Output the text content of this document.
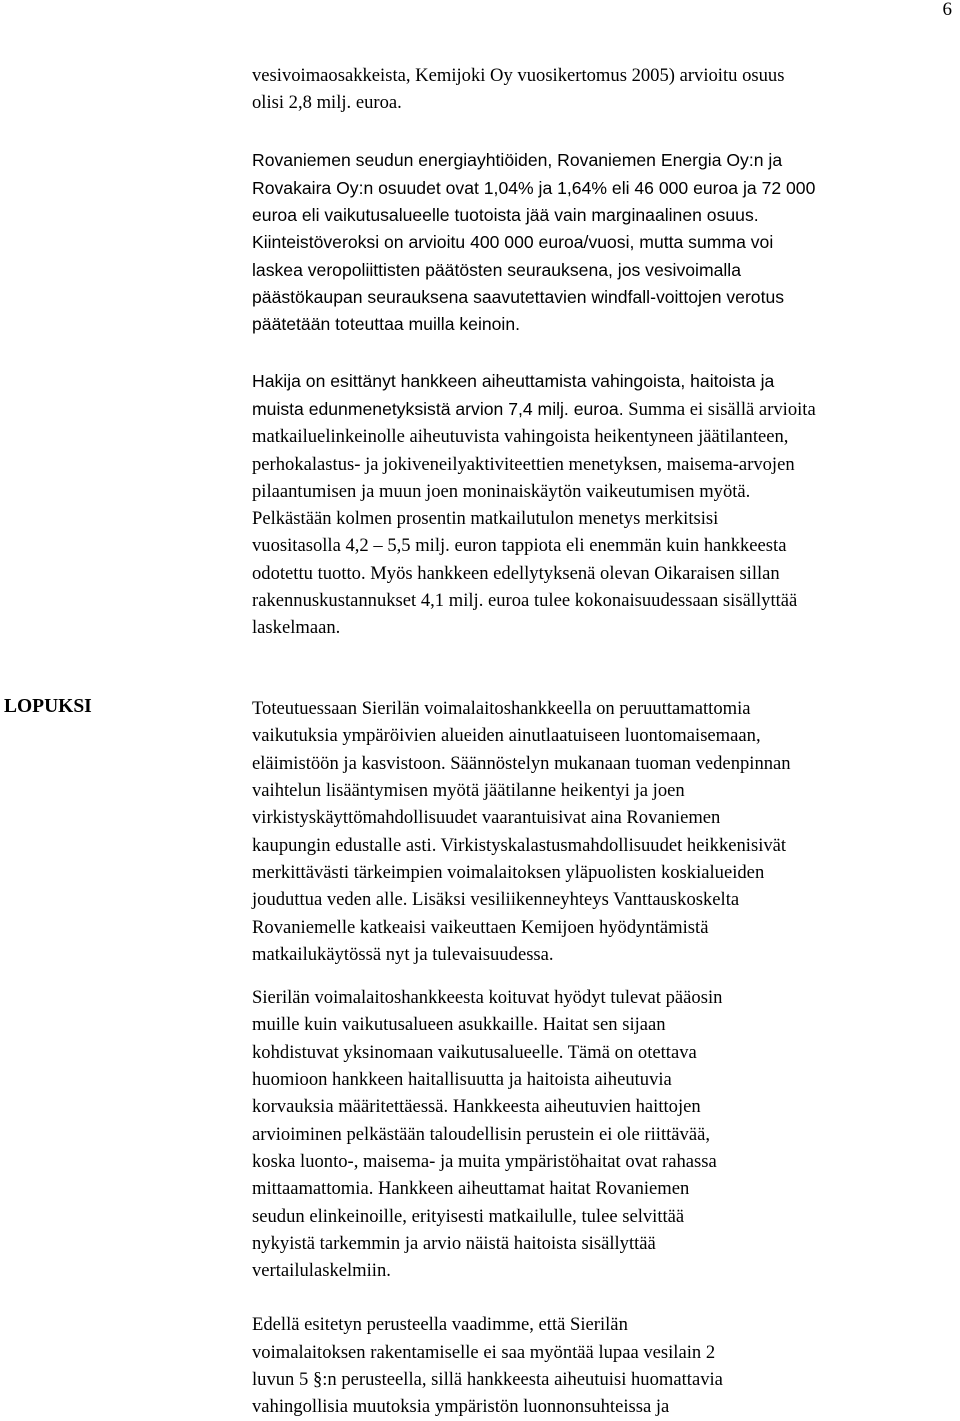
6
LOPUKSI
vesivoimaosakkeista, Kemijoki Oy vuosikertomus 2005) arvioitu osuus
olisi 2,8 milj. euroa.
Rovaniemen seudun energiayhtiöiden, Rovaniemen Energia Oy:n ja
Rovakaira Oy:n osuudet ovat 1,04% ja 1,64% eli 46 000 euroa ja 72 000
euroa eli vaikutusalueelle tuotoista jää vain marginaalinen osuus.
Kiinteistöveroksi on arvioitu 400 000 euroa/vuosi, mutta summa voi
laskea veropoliittisten päätösten seurauksena, jos vesivoimalla
päästökaupan seurauksena saavutettavien windfall-voittojen verotus
päätetään toteuttaa muilla keinoin.
Hakija on esittänyt hankkeen aiheuttamista vahingoista, haitoista ja
muista edunmenetyksistä arvion 7,4 milj. euroa. Summa ei sisällä arvioita
matkailuelinkeinolle aiheutuvista vahingoista heikentyneen jäätilanteen,
perhokalastus- ja jokiveneilyaktiviteettien menetyksen, maisema-arvojen
pilaantumisen ja muun joen moninaiskäytön vaikeutumisen myötä.
Pelkästään kolmen prosentin matkailutulon menetys merkitsisi
vuositasolla 4,2 – 5,5 milj. euron tappiota eli enemmän kuin hankkeesta
odotettu tuotto. Myös hankkeen edellytyksenä olevan Oikaraisen sillan
rakennuskustannukset 4,1 milj. euroa tulee kokonaisuudessaan sisällyttää
laskelmaan.
Toteutuessaan Sierilän voimalaitoshankkeella on peruuttamattomia
vaikutuksia ympäröivien alueiden ainutlaatuiseen luontomaisemaan,
eläimistöön ja kasvistoon. Säännöstelyn mukanaan tuoman vedenpinnan
vaihtelun lisääntymisen myötä jäätilanne heikentyi ja joen
virkistyskäyttömahdollisuudet vaarantuisivat aina Rovaniemen
kaupungin edustalle asti. Virkistyskalastusmahdollisuudet heikkenisivät
merkittävästi tärkeimpien voimalaitoksen yläpuolisten koskialueiden
jouduttua veden alle. Lisäksi vesiliikenneyhteys Vanttauskoskelta
Rovaniemelle katkeaisi vaikeuttaen Kemijoen hyödyntämistä
matkailukäytössä nyt ja tulevaisuudessa.
Sierilän voimalaitoshankkeesta koituvat hyödyt tulevat pääosin
muille kuin vaikutusalueen asukkaille. Haitat sen sijaan
kohdistuvat yksinomaan vaikutusalueelle. Tämä on otettava
huomioon hankkeen haitallisuutta ja haitoista aiheutuvia
korvauksia määritettäessä. Hankkeesta aiheutuvien haittojen
arvioiminen pelkästään taloudellisin perustein ei ole riittävää,
koska luonto-, maisema- ja muita ympäristöhaitat ovat rahassa
mittaamattomia. Hankkeen aiheuttamat haitat Rovaniemen
seudun elinkeinoille, erityisesti matkailulle, tulee selvittää
nykyistä tarkemmin ja arvio näistä haitoista sisällyttää
vertailulaskelmiin.
Edellä esitetyn perusteella vaadimme, että Sierilän
voimalaitoksen rakentamiselle ei saa myöntää lupaa vesilain 2
luvun 5 §:n perusteella, sillä hankkeesta aiheutuisi huomattavia
vahingollisia muutoksia ympäristön luonnonsuhteissa ja
